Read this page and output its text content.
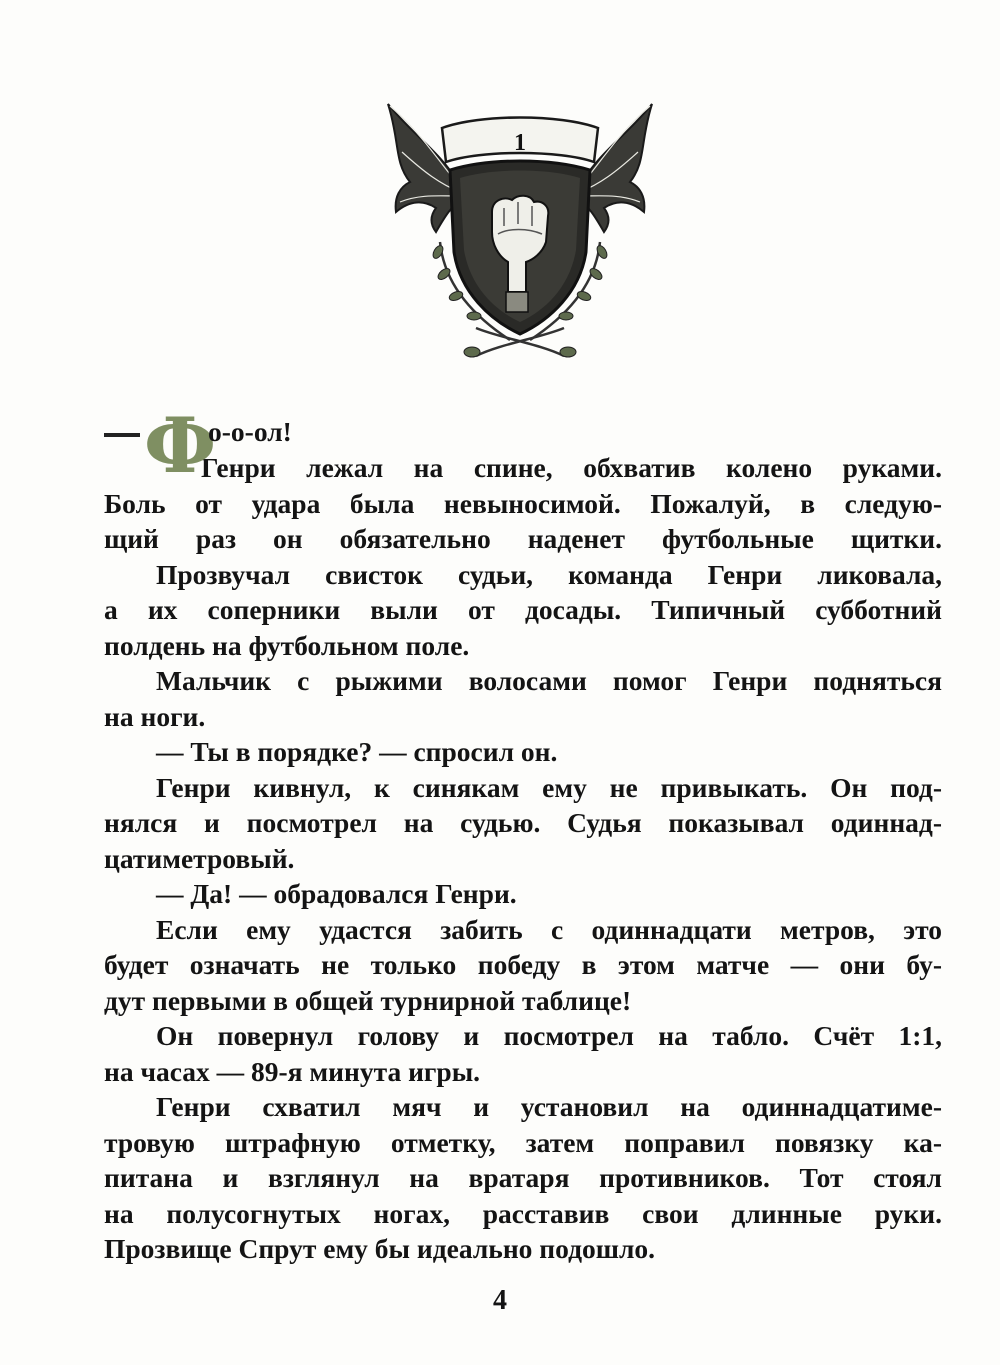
1
Ф
о-о-ол!
Генри лежал на спине, обхватив колено руками.
Боль от удара была невыносимой. Пожалуй, в следую-
щий раз он обязательно наденет футбольные щитки.
Прозвучал свисток судьи, команда Генри ликовала,
а их соперники выли от досады. Типичный субботний
полдень на футбольном поле.
Мальчик с рыжими волосами помог Генри подняться
на ноги.
— Ты в порядке? — спросил он.
Генри кивнул, к синякам ему не привыкать. Он под-
нялся и посмотрел на судью. Судья показывал одиннад-
цатиметровый.
— Да! — обрадовался Генри.
Если ему удастся забить с одиннадцати метров, это
будет означать не только победу в этом матче — они бу-
дут первыми в общей турнирной таблице!
Он повернул голову и посмотрел на табло. Счёт 1:1,
на часах — 89-я минута игры.
Генри схватил мяч и установил на одиннадцатиме-
тровую штрафную отметку, затем поправил повязку ка-
питана и взглянул на вратаря противников. Тот стоял
на полусогнутых ногах, расставив свои длинные руки.
Прозвище Спрут ему бы идеально подошло.
4
